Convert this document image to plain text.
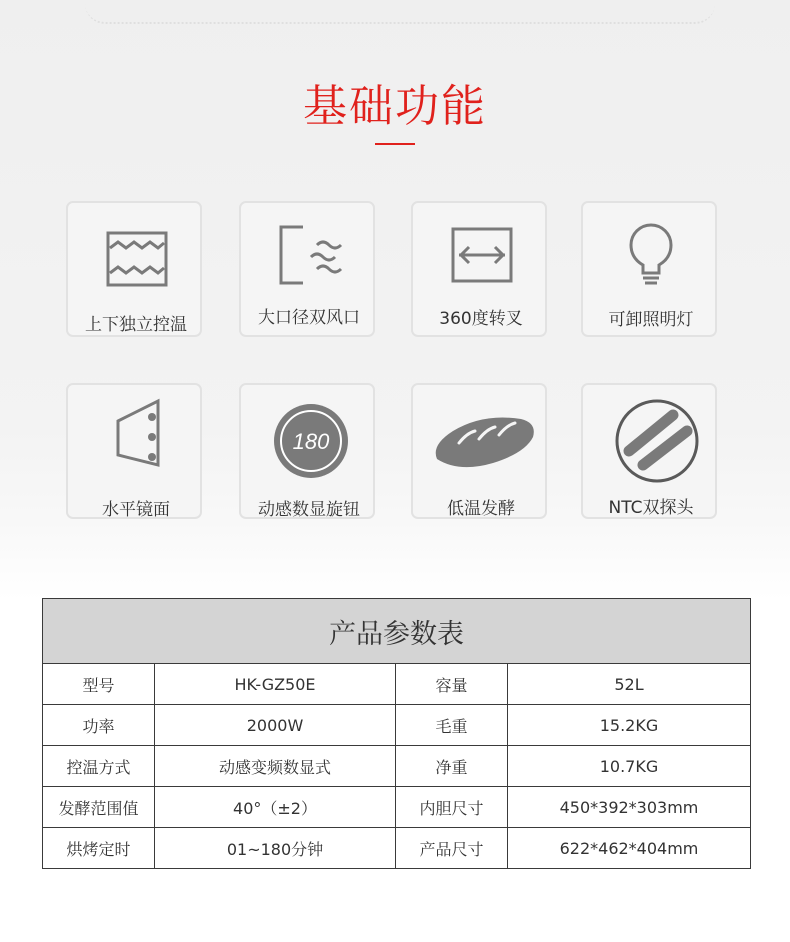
基础功能
上下独立控温	大口径双风口	360度转叉	可卸照明灯
水平镜面
180
动感数显旋钮	低温发酵	NTC双探头
产品参数表			
型号	HK-GZ50E	容量	52L
功率	2000W	毛重	15.2KG
控温方式	动感变频数显式	净重	10.7KG
发酵范围值	40°（±2）	内胆尺寸	450*392*303mm
烘烤定时	01~180分钟	产品尺寸	622*462*404mm
